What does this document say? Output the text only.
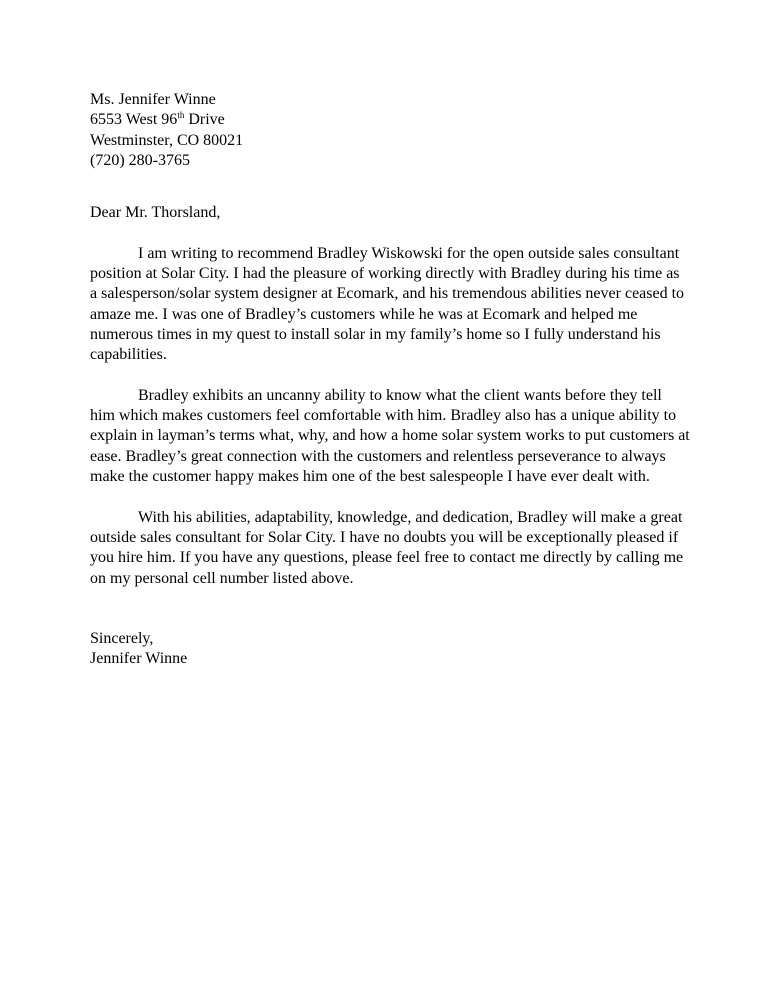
Ms. Jennifer Winne
6553 West 96th Drive
Westminster, CO 80021
(720) 280-3765
Dear Mr. Thorsland,
I am writing to recommend Bradley Wiskowski for the open outside sales consultant position at Solar City. I had the pleasure of working directly with Bradley during his time as a salesperson/solar system designer at Ecomark, and his tremendous abilities never ceased to amaze me. I was one of Bradley’s customers while he was at Ecomark and helped me numerous times in my quest to install solar in my family’s home so I fully understand his capabilities.
Bradley exhibits an uncanny ability to know what the client wants before they tell him which makes customers feel comfortable with him. Bradley also has a unique ability to explain in layman’s terms what, why, and how a home solar system works to put customers at ease. Bradley’s great connection with the customers and relentless perseverance to always make the customer happy makes him one of the best salespeople I have ever dealt with.
With his abilities, adaptability, knowledge, and dedication, Bradley will make a great outside sales consultant for Solar City. I have no doubts you will be exceptionally pleased if you hire him. If you have any questions, please feel free to contact me directly by calling me on my personal cell number listed above.
Sincerely,
Jennifer Winne
